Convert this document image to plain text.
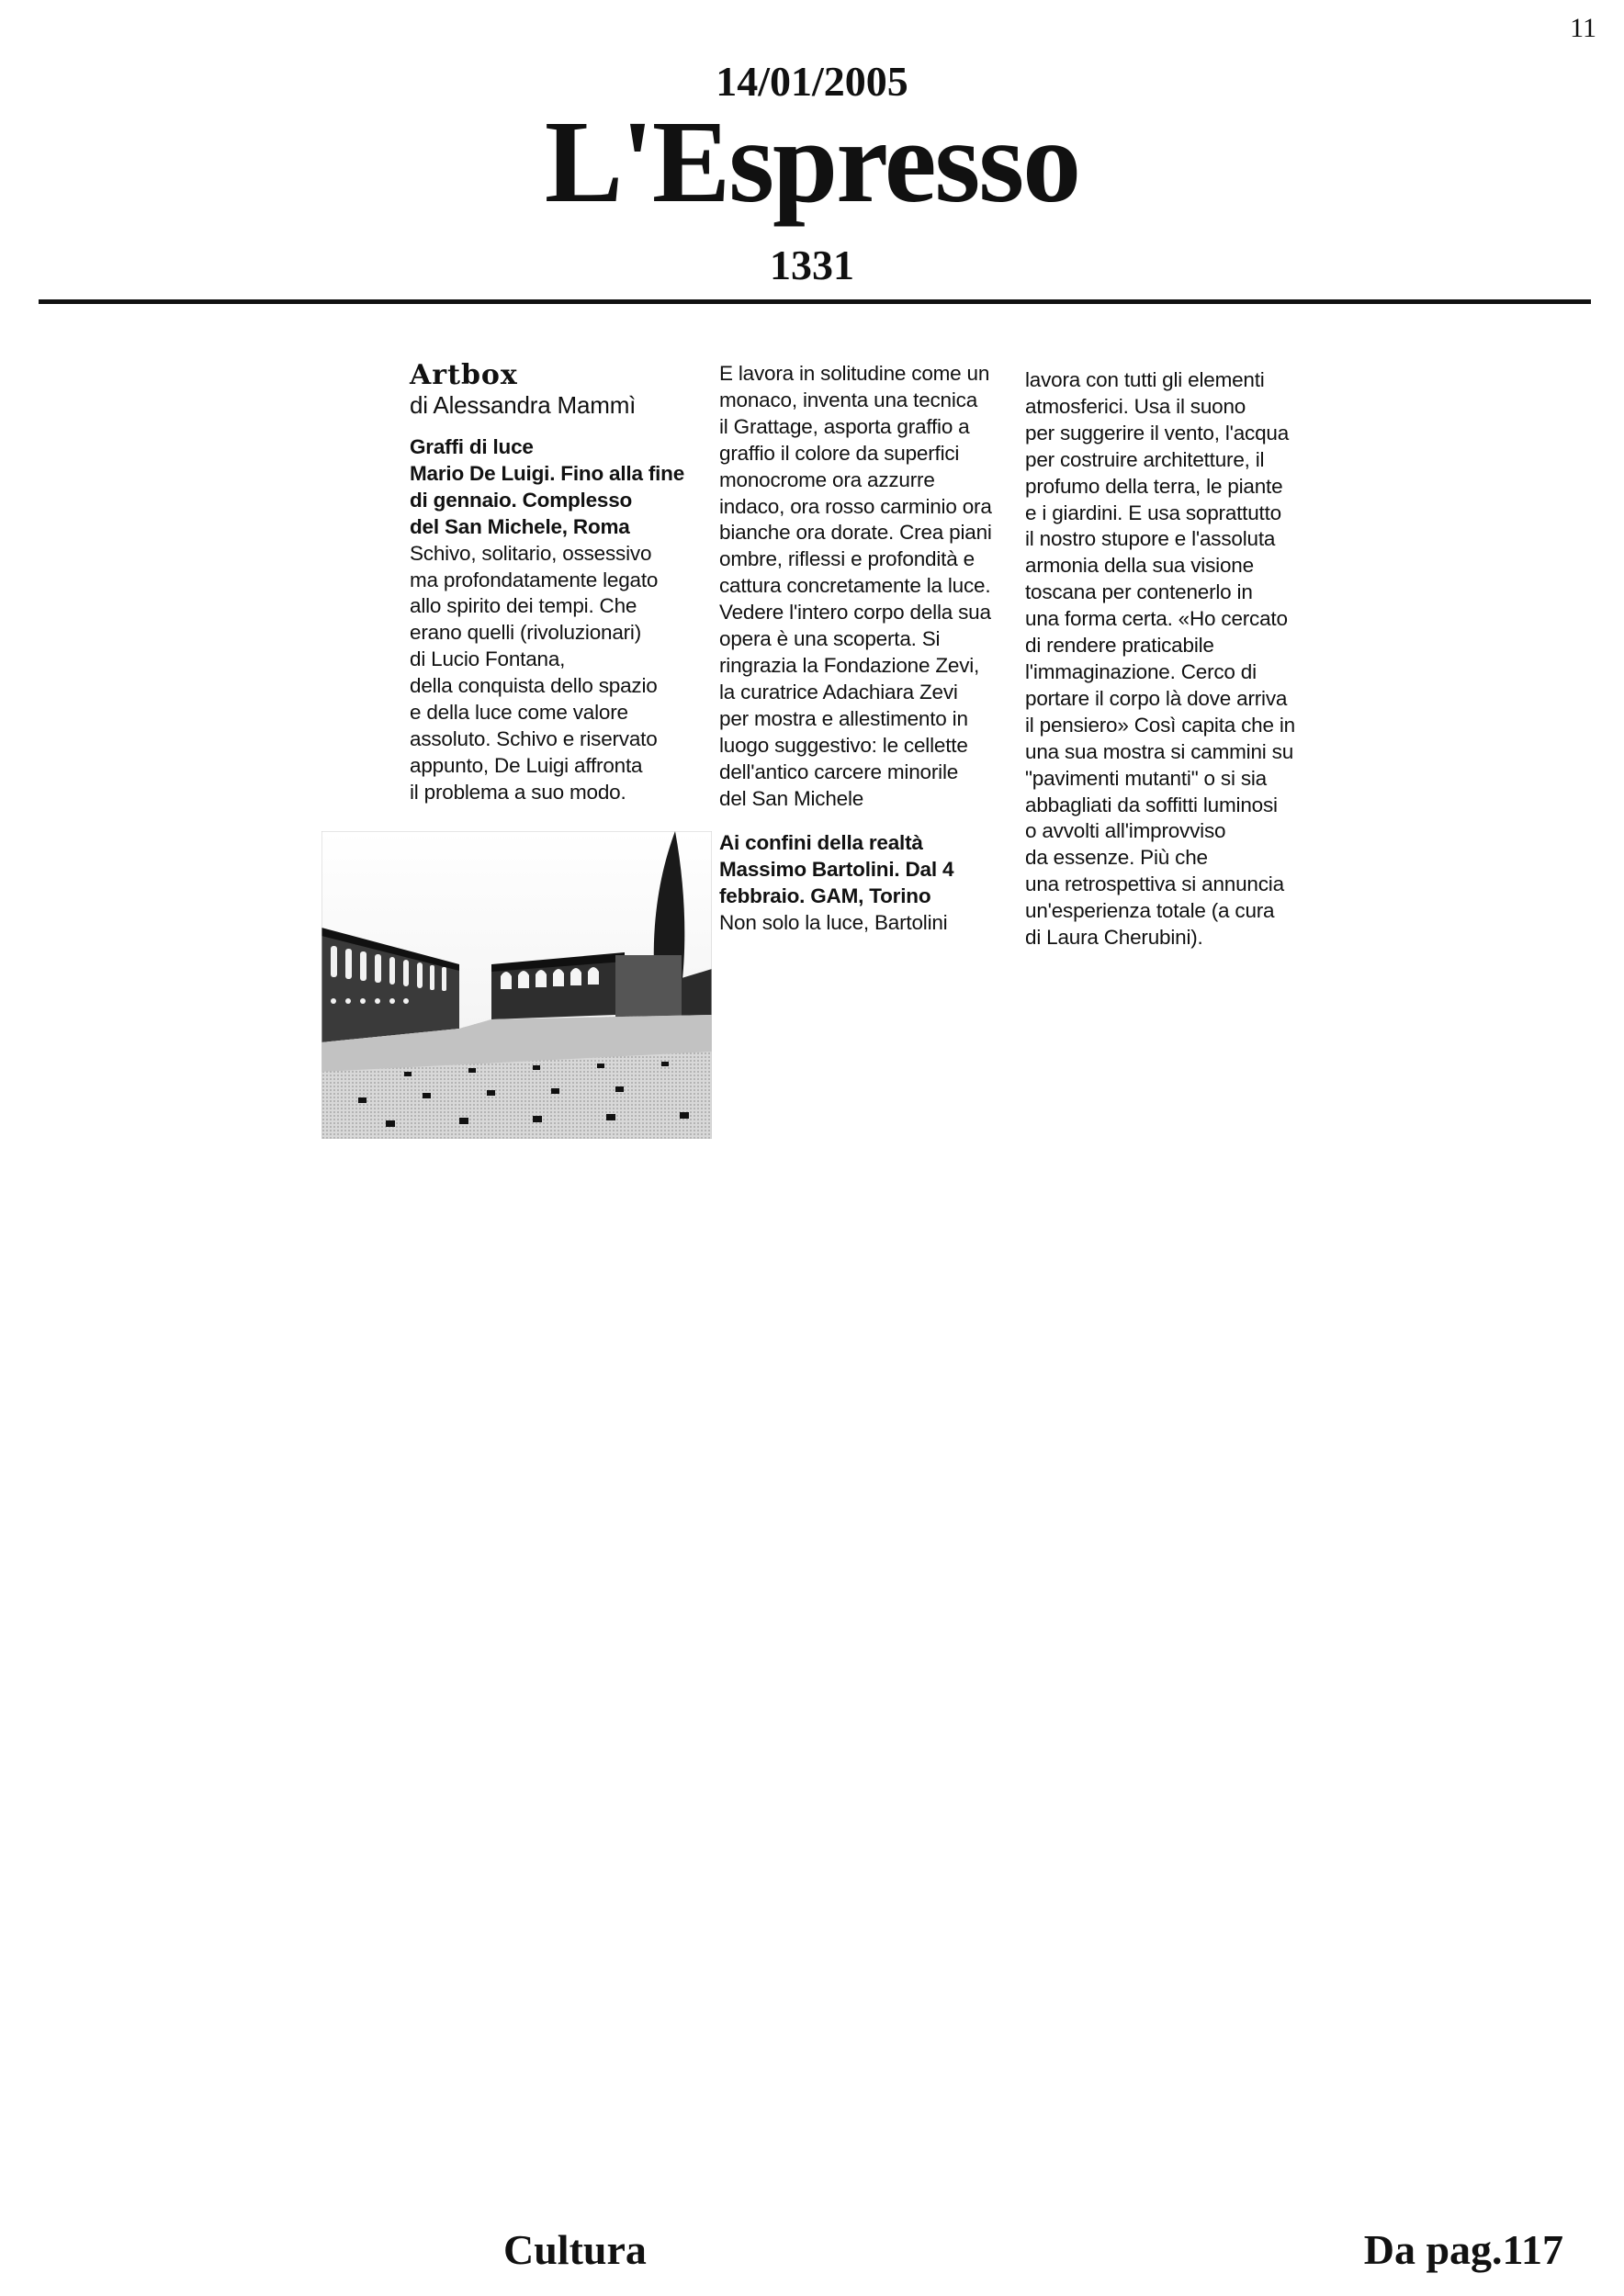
11
14/01/2005
L'Espresso
1331
Artbox
di Alessandra Mammì
Graffi di luce
Mario De Luigi. Fino alla fine
di gennaio. Complesso
del San Michele, Roma
Schivo, solitario, ossessivo
ma profondatamente legato
allo spirito dei tempi. Che
erano quelli (rivoluzionari)
di Lucio Fontana,
della conquista dello spazio
e della luce come valore
assoluto. Schivo e riservato
appunto, De Luigi affronta
il problema a suo modo.
E lavora in solitudine come un
monaco, inventa una tecnica
il Grattage, asporta graffio a
graffio il colore da superfici
monocrome ora azzurre
indaco, ora rosso carminio ora
bianche ora dorate. Crea piani
ombre, riflessi e profondità e
cattura concretamente la luce.
Vedere l'intero corpo della sua
opera è una scoperta. Si
ringrazia la Fondazione Zevi,
la curatrice Adachiara Zevi
per mostra e allestimento in
luogo suggestivo: le cellette
dell'antico carcere minorile
del San Michele
Ai confini della realtà
Massimo Bartolini. Dal 4
febbraio. GAM, Torino
Non solo la luce, Bartolini
lavora con tutti gli elementi
atmosferici. Usa il suono
per suggerire il vento, l'acqua
per costruire architetture, il
profumo della terra, le piante
e i giardini. E usa soprattutto
il nostro stupore e l'assoluta
armonia della sua visione
toscana per contenerlo in
una forma certa. «Ho cercato
di rendere praticabile
l'immaginazione. Cerco di
portare il corpo là dove arriva
il pensiero» Così capita che in
una sua mostra si cammini su
"pavimenti mutanti" o si sia
abbagliati da soffitti luminosi
o avvolti all'improvviso
da essenze. Più che
una retrospettiva si annuncia
un'esperienza totale (a cura
di Laura Cherubini).
Cultura	Da pag.117
